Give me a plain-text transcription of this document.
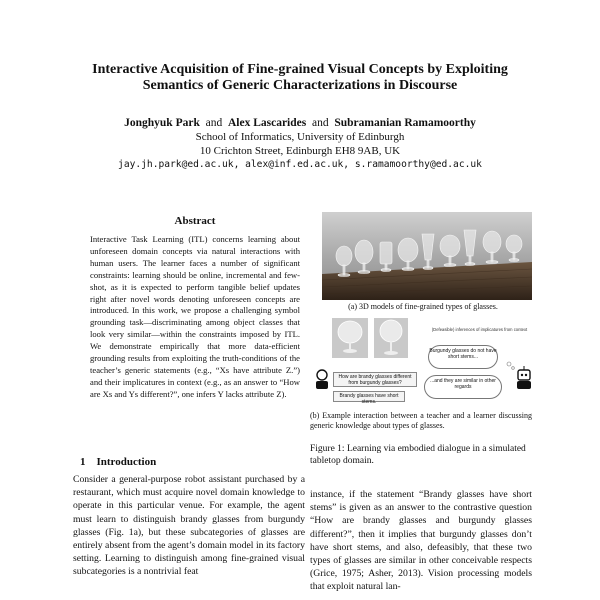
Interactive Acquisition of Fine-grained Visual Concepts by Exploiting
Semantics of Generic Characterizations in Discourse
Jonghyuk Park and Alex Lascarides and Subramanian Ramamoorthy
School of Informatics, University of Edinburgh
10 Crichton Street, Edinburgh EH8 9AB, UK
jay.jh.park@ed.ac.uk, alex@inf.ed.ac.uk, s.ramamoorthy@ed.ac.uk
Abstract
Interactive Task Learning (ITL) concerns learning about unforeseen domain concepts via natural interactions with human users. The learner faces a number of significant constraints: learning should be online, incremental and few-shot, as it is expected to perform tangible belief updates right after novel words denoting unforeseen concepts are introduced. In this work, we propose a challenging symbol grounding task—discriminating among object classes that look very similar—within the constraints imposed by ITL. We demonstrate empirically that more data-efficient grounding results from exploiting the truth-conditions of the teacher’s generic statements (e.g., “Xs have attribute Z.”) and their implicatures in context (e.g., as an answer to “How are Xs and Ys different?”, one infers Y lacks attribute Z).
1 Introduction
Consider a general-purpose robot assistant purchased by a restaurant, which must acquire novel domain knowledge to operate in this particular venue. For example, the agent must learn to distinguish brandy glasses from burgundy glasses (Fig. 1a), but these subcategories of glasses are entirely absent from the agent’s domain model in its factory setting. Learning to distinguish among fine-grained visual subcategories is a nontrivial feat
instance, if the statement “Brandy glasses have short stems” is given as an answer to the contrastive question “How are brandy glasses and burgundy glasses different?”, then it implies that burgundy glasses don’t have short stems, and also, defeasibly, that these two types of glasses are similar in other conceivable respects (Grice, 1975; Asher, 2013). Vision processing models that exploit natural lan-
(a) 3D models of fine-grained types of glasses.
(Defeasible) inferences of implicatures from context
Burgundy glasses do not have short stems...
...and they are similar in other regards
How are brandy glasses different from burgundy glasses?
Brandy glasses have short stems.
(b) Example interaction between a teacher and a learner discussing generic knowledge about types of glasses.
Figure 1: Learning via embodied dialogue in a simulated tabletop domain.
